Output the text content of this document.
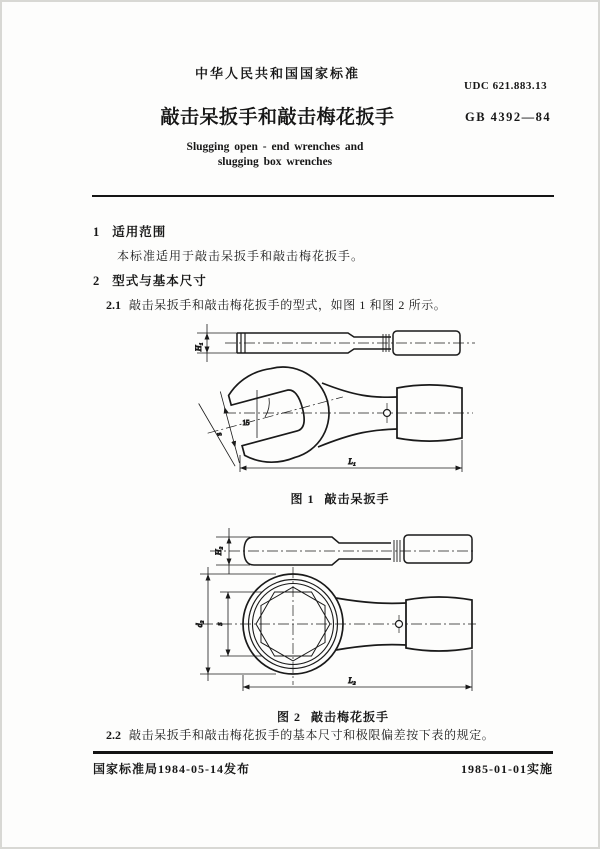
中华人民共和国国家标准
UDC 621.883.13
敲击呆扳手和敲击梅花扳手	GB 4392—84
Slugging open - end wrenches and
slugging box wrenches
1 适用范围
本标准适用于敲击呆扳手和敲击梅花扳手。
2 型式与基本尺寸
2.1 敲击呆扳手和敲击梅花扳手的型式，如图 1 和图 2 所示。
s
15
L₁
H₁
图 1 敲击呆扳手
H₂
d₂ s
L₂
图 2 敲击梅花扳手
2.2 敲击呆扳手和敲击梅花扳手的基本尺寸和极限偏差按下表的规定。
国家标准局1984-05-14发布	1985-01-01实施
